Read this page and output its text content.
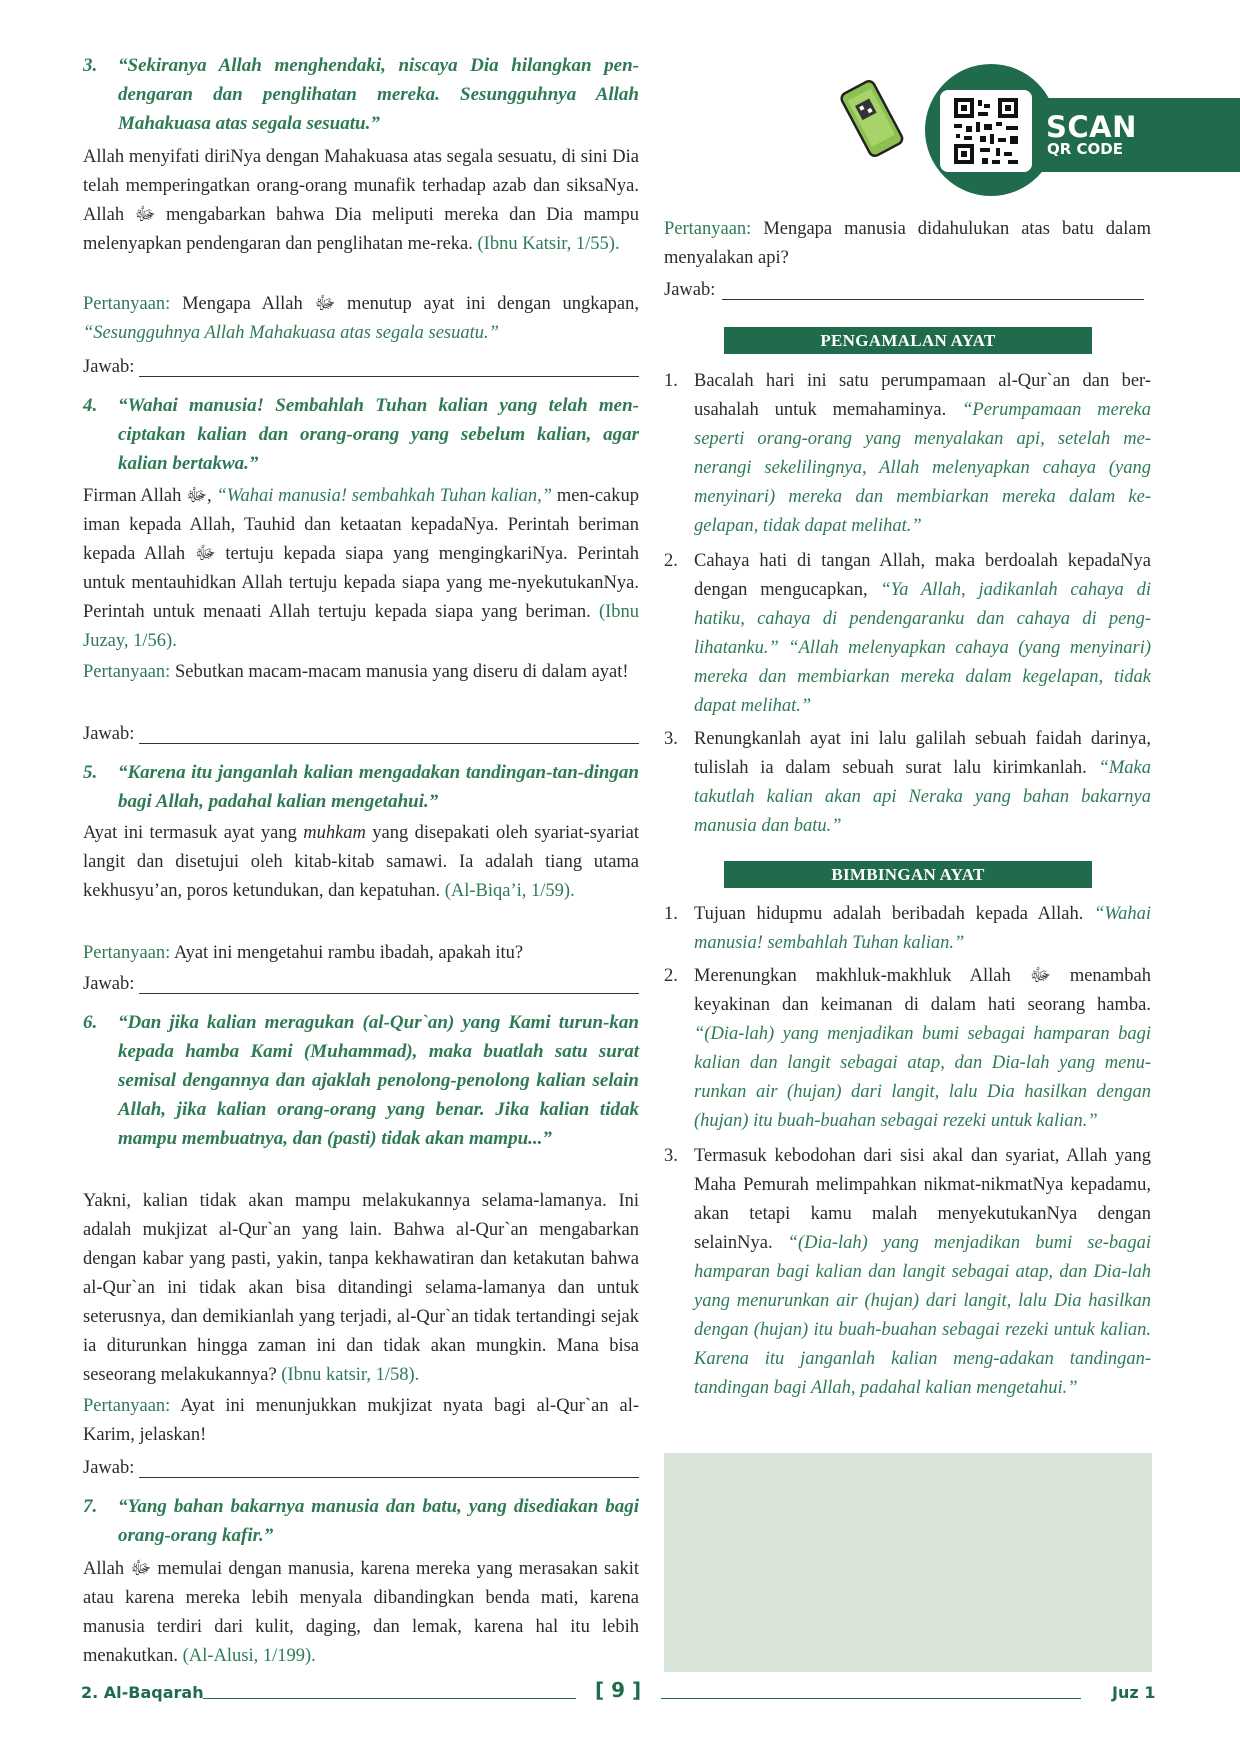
SCAN
QR CODE
3. “Sekiranya Allah menghendaki, niscaya Dia hilangkan pen-dengaran dan penglihatan mereka. Sesungguhnya Allah Mahakuasa atas segala sesuatu.”

Allah menyifati diriNya dengan Mahakuasa atas segala sesuatu, di sini Dia telah memperingatkan orang-orang munafik terhadap azab dan siksaNya. Allah ﷻ mengabarkan bahwa Dia meliputi mereka dan Dia mampu melenyapkan pendengaran dan penglihatan me-reka. (Ibnu Katsir, 1/55).

Pertanyaan: Mengapa Allah ﷻ menutup ayat ini dengan ungkapan, “Sesungguhnya Allah Mahakuasa atas segala sesuatu.”

Jawab:
4. “Wahai manusia! Sembahlah Tuhan kalian yang telah men-ciptakan kalian dan orang-orang yang sebelum kalian, agar kalian bertakwa.”

Firman Allah ﷻ, “Wahai manusia! sembahkah Tuhan kalian,” men-cakup iman kepada Allah, Tauhid dan ketaatan kepadaNya. Perintah beriman kepada Allah ﷻ tertuju kepada siapa yang mengingkariNya. Perintah untuk mentauhidkan Allah tertuju kepada siapa yang me-nyekutukanNya. Perintah untuk menaati Allah tertuju kepada siapa yang beriman. (Ibnu Juzay, 1/56).

Pertanyaan: Sebutkan macam-macam manusia yang diseru di dalam ayat!

Jawab:
5. “Karena itu janganlah kalian mengadakan tandingan-tan-dingan bagi Allah, padahal kalian mengetahui.”

Ayat ini termasuk ayat yang muhkam yang disepakati oleh syariat-syariat langit dan disetujui oleh kitab-kitab samawi. Ia adalah tiang utama kekhusyu’an, poros ketundukan, dan kepatuhan. (Al-Biqa’i, 1/59).

Pertanyaan: Ayat ini mengetahui rambu ibadah, apakah itu?

Jawab:
6. “Dan jika kalian meragukan (al-Qur`an) yang Kami turun-kan kepada hamba Kami (Muhammad), maka buatlah satu surat semisal dengannya dan ajaklah penolong-penolong kalian selain Allah, jika kalian orang-orang yang benar. Jika kalian tidak mampu membuatnya, dan (pasti) tidak akan mampu...”

Yakni, kalian tidak akan mampu melakukannya selama-lamanya. Ini adalah mukjizat al-Qur`an yang lain. Bahwa al-Qur`an mengabarkan dengan kabar yang pasti, yakin, tanpa kekhawatiran dan ketakutan bahwa al-Qur`an ini tidak akan bisa ditandingi selama-lamanya dan untuk seterusnya, dan demikianlah yang terjadi, al-Qur`an tidak tertandingi sejak ia diturunkan hingga zaman ini dan tidak akan mungkin. Mana bisa seseorang melakukannya? (Ibnu katsir, 1/58).

Pertanyaan: Ayat ini menunjukkan mukjizat nyata bagi al-Qur`an al-Karim, jelaskan!

Jawab:
7. “Yang bahan bakarnya manusia dan batu, yang disediakan bagi orang-orang kafir.”

Allah ﷻ memulai dengan manusia, karena mereka yang merasakan sakit atau karena mereka lebih menyala dibandingkan benda mati, karena manusia terdiri dari kulit, daging, dan lemak, karena hal itu lebih menakutkan. (Al-Alusi, 1/199).

Pertanyaan: Mengapa manusia didahulukan atas batu dalam menyalakan api?

Jawab:
PENGAMALAN AYAT
1. Bacalah hari ini satu perumpamaan al-Qur`an dan ber-usahalah untuk memahaminya. “Perumpamaan mereka seperti orang-orang yang menyalakan api, setelah me-nerangi sekelilingnya, Allah melenyapkan cahaya (yang menyinari) mereka dan membiarkan mereka dalam ke-gelapan, tidak dapat melihat.”
2. Cahaya hati di tangan Allah, maka berdoalah kepadaNya dengan mengucapkan, “Ya Allah, jadikanlah cahaya di hatiku, cahaya di pendengaranku dan cahaya di peng-lihatanku.” “Allah melenyapkan cahaya (yang menyinari) mereka dan membiarkan mereka dalam kegelapan, tidak dapat melihat.”
3. Renungkanlah ayat ini lalu galilah sebuah faidah darinya, tulislah ia dalam sebuah surat lalu kirimkanlah. “Maka takutlah kalian akan api Neraka yang bahan bakarnya manusia dan batu.”
BIMBINGAN AYAT
1. Tujuan hidupmu adalah beribadah kepada Allah. “Wahai manusia! sembahlah Tuhan kalian.”
2. Merenungkan makhluk-makhluk Allah ﷻ menambah keyakinan dan keimanan di dalam hati seorang hamba. “(Dia-lah) yang menjadikan bumi sebagai hamparan bagi kalian dan langit sebagai atap, dan Dia-lah yang menu-runkan air (hujan) dari langit, lalu Dia hasilkan dengan (hujan) itu buah-buahan sebagai rezeki untuk kalian.”
3. Termasuk kebodohan dari sisi akal dan syariat, Allah yang Maha Pemurah melimpahkan nikmat-nikmatNya kepadamu, akan tetapi kamu malah menyekutukanNya dengan selainNya. “(Dia-lah) yang menjadikan bumi se-bagai hamparan bagi kalian dan langit sebagai atap, dan Dia-lah yang menurunkan air (hujan) dari langit, lalu Dia hasilkan dengan (hujan) itu buah-buahan sebagai rezeki untuk kalian. Karena itu janganlah kalian meng-adakan tandingan-tandingan bagi Allah, padahal kalian mengetahui.”
2. Al-Baqarah	[ 9 ]	Juz 1
